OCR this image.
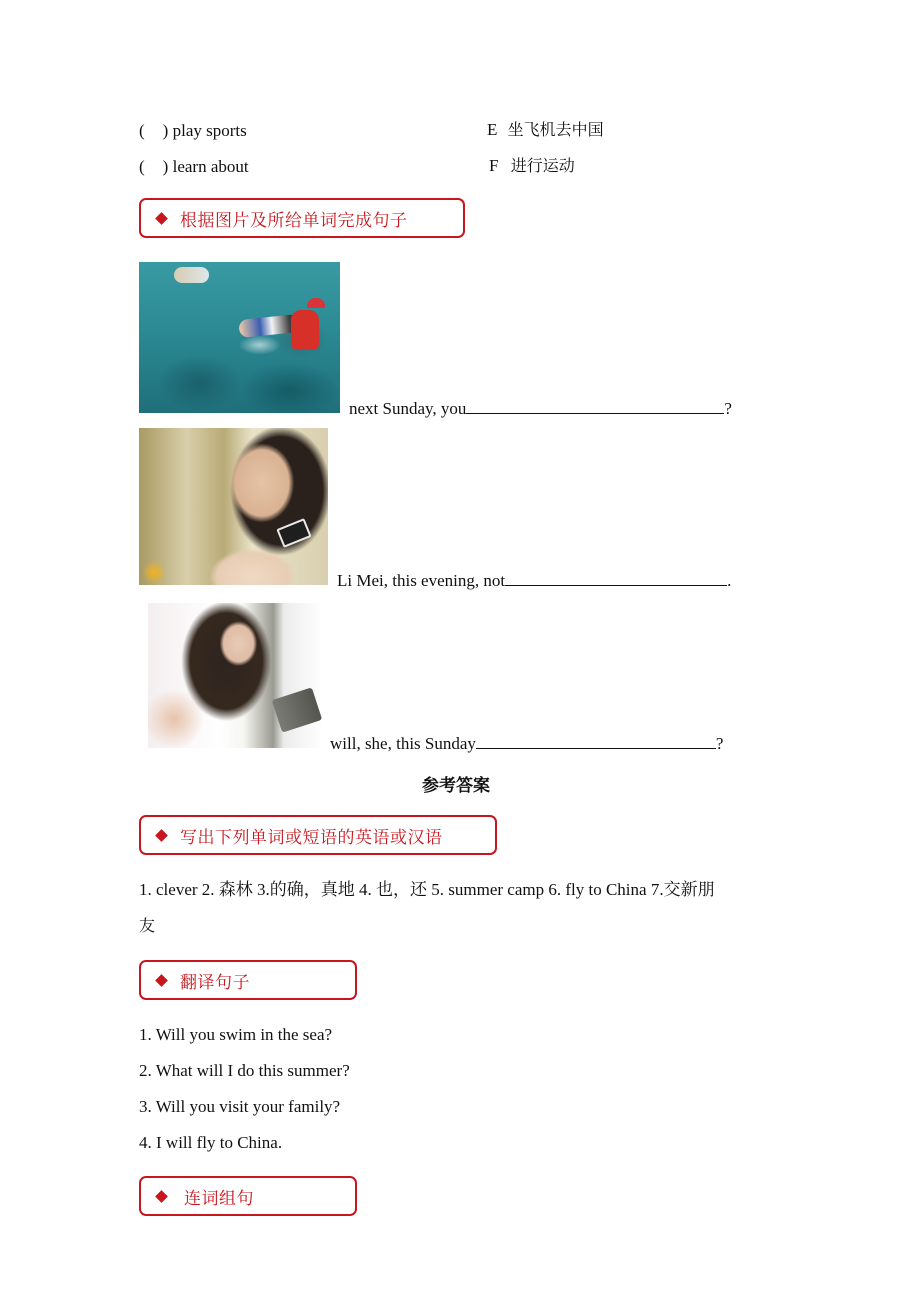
( ) play sports	E 坐飞机去中国
( ) learn about	F 进行运动
根据图片及所给单词完成句子
next Sunday, you	?
Li Mei, this evening, not	.
will, she, this Sunday	?
参考答案
写出下列单词或短语的英语或汉语
1. clever 2. 森林 3.的确，真地 4. 也，还 5. summer camp 6. fly to China 7.交新朋
友
翻译句子
1. Will you swim in the sea?
2. What will I do this summer?
3. Will you visit your family?
4. I will fly to China.
连词组句
